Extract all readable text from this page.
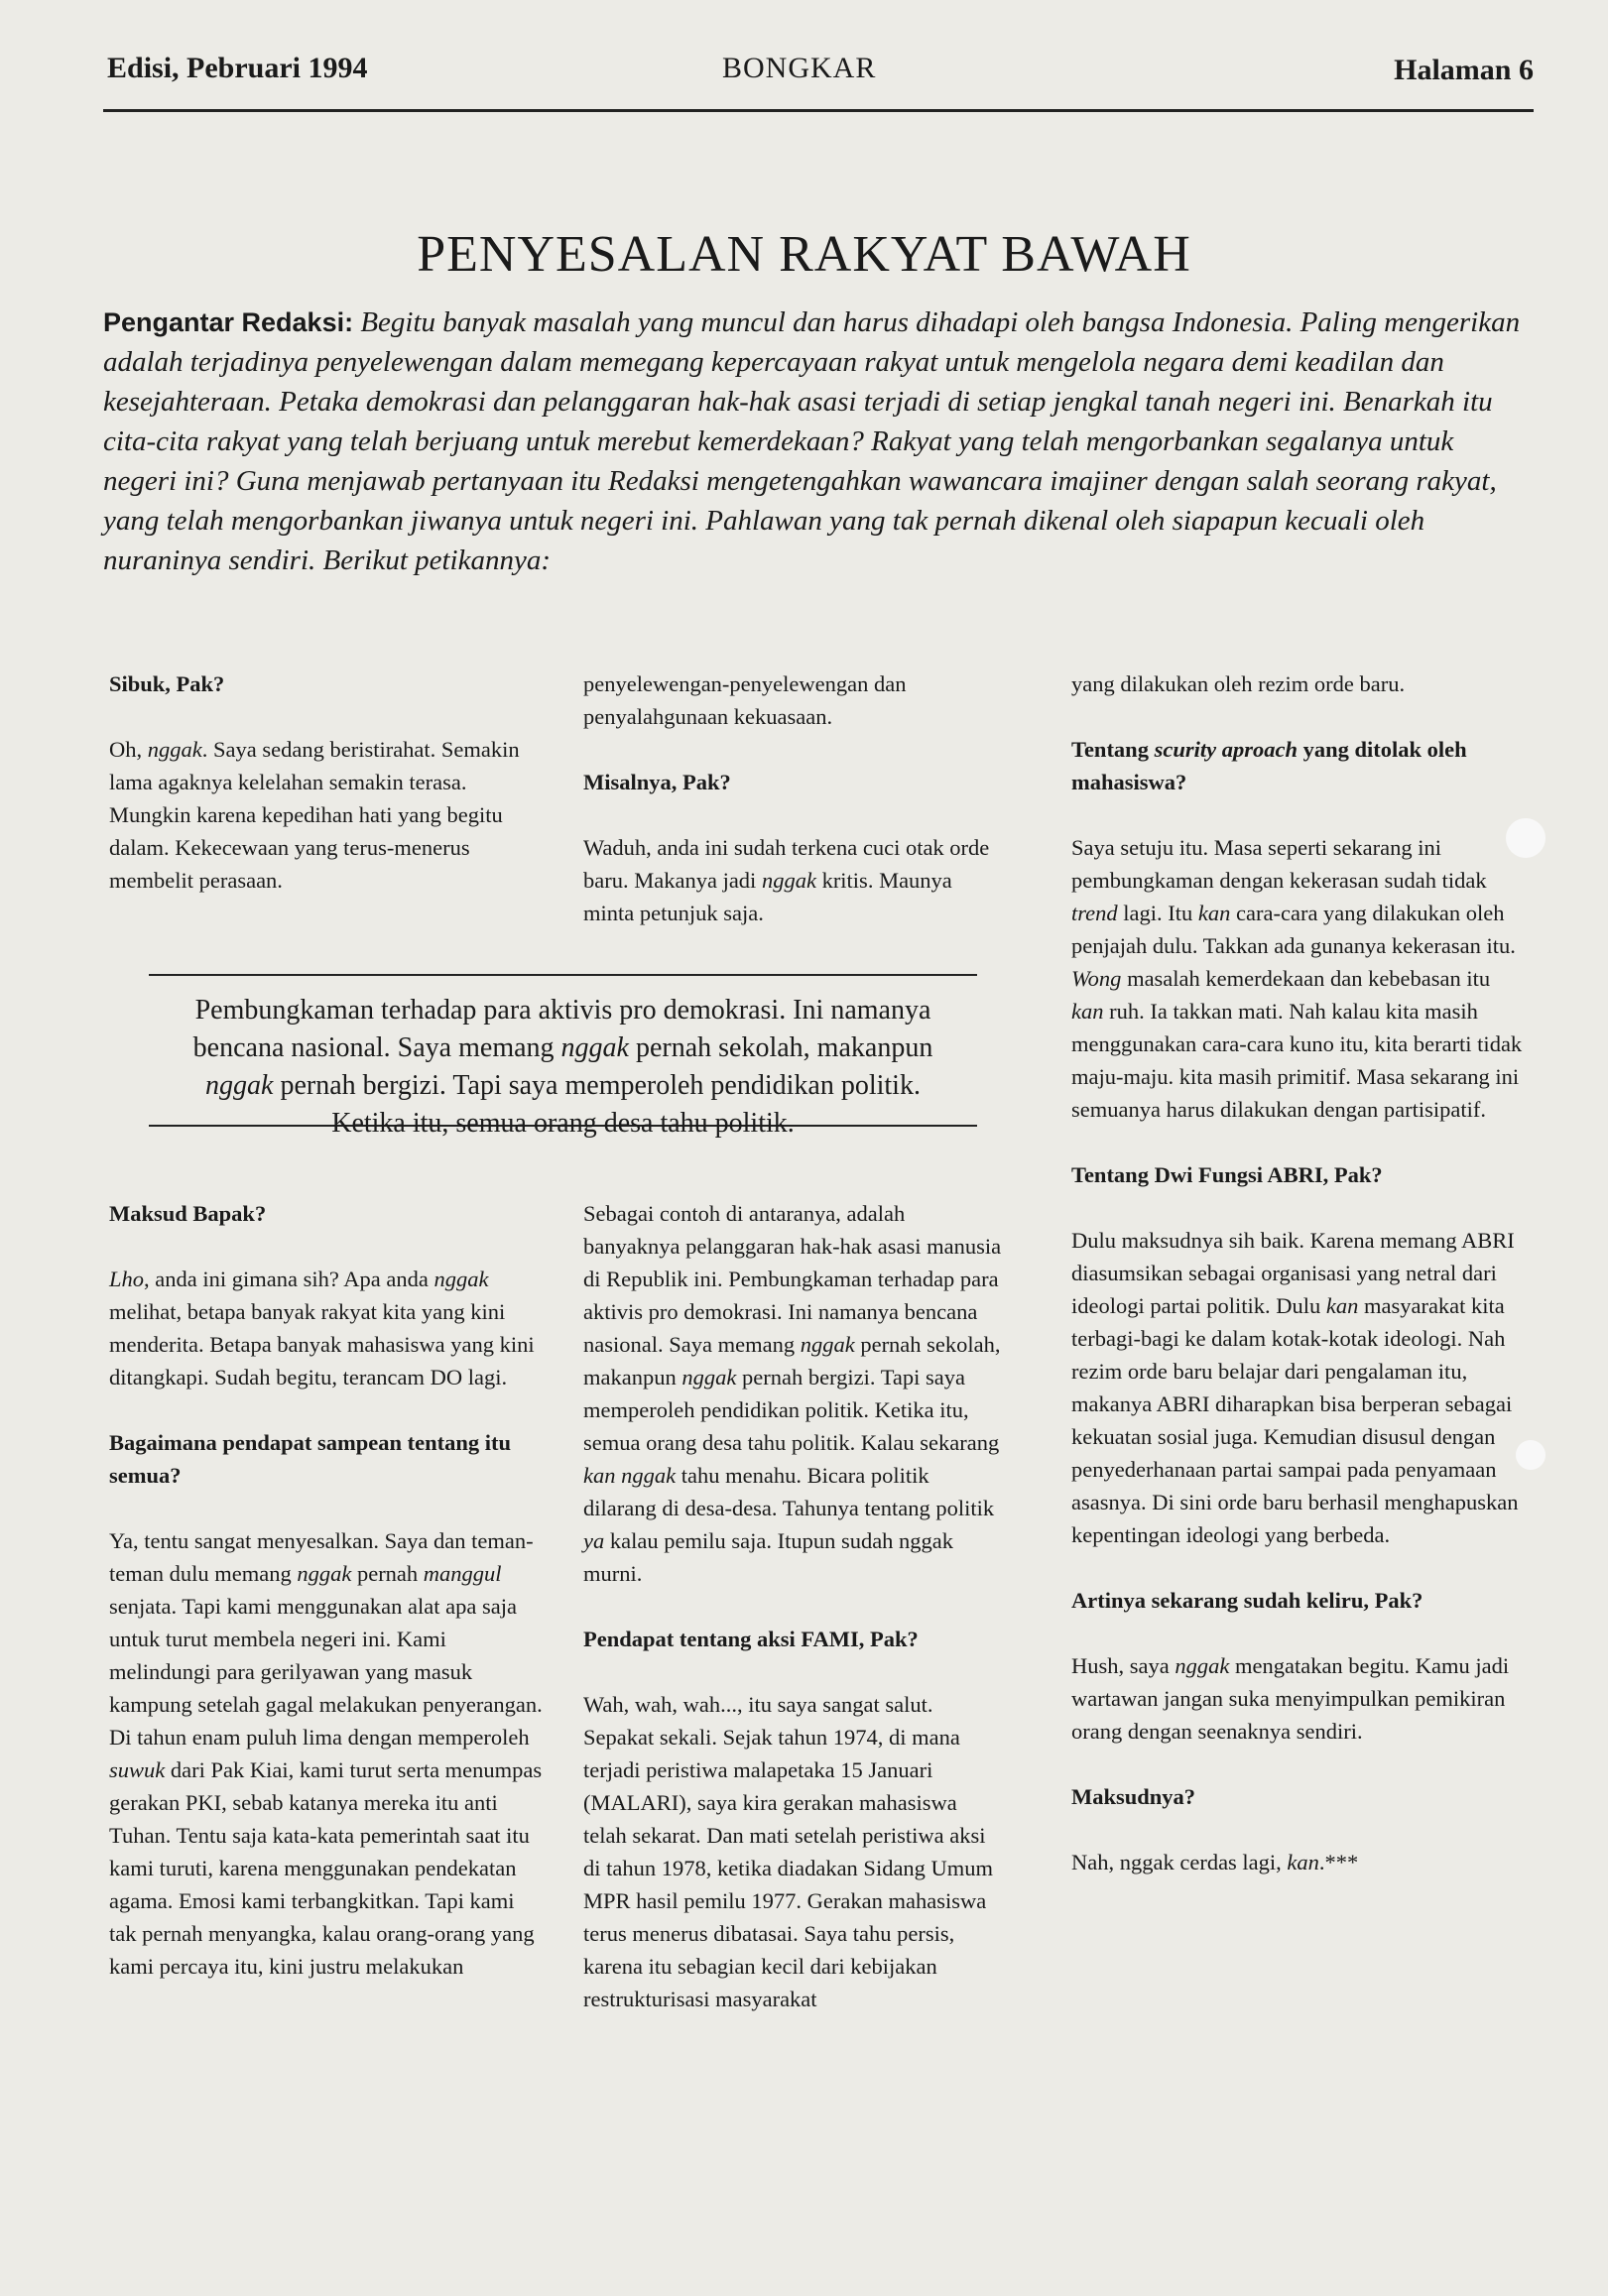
Edisi, Pebruari 1994	BONGKAR	Halaman 6
PENYESALAN RAKYAT BAWAH
Pengantar Redaksi: Begitu banyak masalah yang muncul dan harus dihadapi oleh bangsa Indonesia. Paling mengerikan adalah terjadinya penyelewengan dalam memegang kepercayaan rakyat untuk mengelola negara demi keadilan dan kesejahteraan. Petaka demokrasi dan pelanggaran hak-hak asasi terjadi di setiap jengkal tanah negeri ini. Benarkah itu cita-cita rakyat yang telah berjuang untuk merebut kemerdekaan? Rakyat yang telah mengorbankan segalanya untuk negeri ini? Guna menjawab pertanyaan itu Redaksi mengetengahkan wawancara imajiner dengan salah seorang rakyat, yang telah mengorbankan jiwanya untuk negeri ini. Pahlawan yang tak pernah dikenal oleh siapapun kecuali oleh nuraninya sendiri. Berikut petikannya:

Sibuk, Pak?

Oh, nggak. Saya sedang beristirahat. Semakin lama agaknya kelelahan semakin terasa. Mungkin karena kepedihan hati yang begitu dalam. Kekecewaan yang terus-menerus membelit perasaan.

penyelewengan-penyelewengan dan penyalahgunaan kekuasaan.

Misalnya, Pak?

Waduh, anda ini sudah terkena cuci otak orde baru. Makanya jadi nggak kritis. Maunya minta petunjuk saja.

Pembungkaman terhadap para aktivis pro demokrasi. Ini namanya
bencana nasional. Saya memang nggak pernah sekolah, makanpun
nggak pernah bergizi. Tapi saya memperoleh pendidikan politik.
Ketika itu, semua orang desa tahu politik.

Maksud Bapak?

Lho, anda ini gimana sih? Apa anda nggak melihat, betapa banyak rakyat kita yang kini menderita. Betapa banyak mahasiswa yang kini ditangkapi. Sudah begitu, terancam DO lagi.

Bagaimana pendapat sampean tentang itu semua?

Ya, tentu sangat menyesalkan. Saya dan teman-teman dulu memang nggak pernah manggul senjata. Tapi kami menggunakan alat apa saja untuk turut membela negeri ini. Kami melindungi para gerilyawan yang masuk kampung setelah gagal melakukan penyerangan. Di tahun enam puluh lima dengan memperoleh suwuk dari Pak Kiai, kami turut serta menumpas gerakan PKI, sebab katanya mereka itu anti Tuhan. Tentu saja kata-kata pemerintah saat itu kami turuti, karena menggunakan pendekatan agama. Emosi kami terbangkitkan. Tapi kami tak pernah menyangka, kalau orang-orang yang kami percaya itu, kini justru melakukan

Sebagai contoh di antaranya, adalah banyaknya pelanggaran hak-hak asasi manusia di Republik ini. Pembungkaman terhadap para aktivis pro demokrasi. Ini namanya bencana nasional. Saya memang nggak pernah sekolah, makanpun nggak pernah bergizi. Tapi saya memperoleh pendidikan politik. Ketika itu, semua orang desa tahu politik. Kalau sekarang kan nggak tahu menahu. Bicara politik dilarang di desa-desa. Tahunya tentang politik ya kalau pemilu saja. Itupun sudah nggak murni.

Pendapat tentang aksi FAMI, Pak?

Wah, wah, wah..., itu saya sangat salut. Sepakat sekali. Sejak tahun 1974, di mana terjadi peristiwa malapetaka 15 Januari (MALARI), saya kira gerakan mahasiswa telah sekarat. Dan mati setelah peristiwa aksi di tahun 1978, ketika diadakan Sidang Umum MPR hasil pemilu 1977. Gerakan mahasiswa terus menerus dibatasai. Saya tahu persis, karena itu sebagian kecil dari kebijakan restrukturisasi masyarakat

yang dilakukan oleh rezim orde baru.

Tentang scurity aproach yang ditolak oleh mahasiswa?

Saya setuju itu. Masa seperti sekarang ini pembungkaman dengan kekerasan sudah tidak trend lagi. Itu kan cara-cara yang dilakukan oleh penjajah dulu. Takkan ada gunanya kekerasan itu. Wong masalah kemerdekaan dan kebebasan itu kan ruh. Ia takkan mati. Nah kalau kita masih menggunakan cara-cara kuno itu, kita berarti tidak maju-maju. kita masih primitif. Masa sekarang ini semuanya harus dilakukan dengan partisipatif.

Tentang Dwi Fungsi ABRI, Pak?

Dulu maksudnya sih baik. Karena memang ABRI diasumsikan sebagai organisasi yang netral dari ideologi partai politik. Dulu kan masyarakat kita terbagi-bagi ke dalam kotak-kotak ideologi. Nah rezim orde baru belajar dari pengalaman itu, makanya ABRI diharapkan bisa berperan sebagai kekuatan sosial juga. Kemudian disusul dengan penyederhanaan partai sampai pada penyamaan asasnya. Di sini orde baru berhasil menghapuskan kepentingan ideologi yang berbeda.

Artinya sekarang sudah keliru, Pak?

Hush, saya nggak mengatakan begitu. Kamu jadi wartawan jangan suka menyimpulkan pemikiran orang dengan seenaknya sendiri.

Maksudnya?

Nah, nggak cerdas lagi, kan.***
